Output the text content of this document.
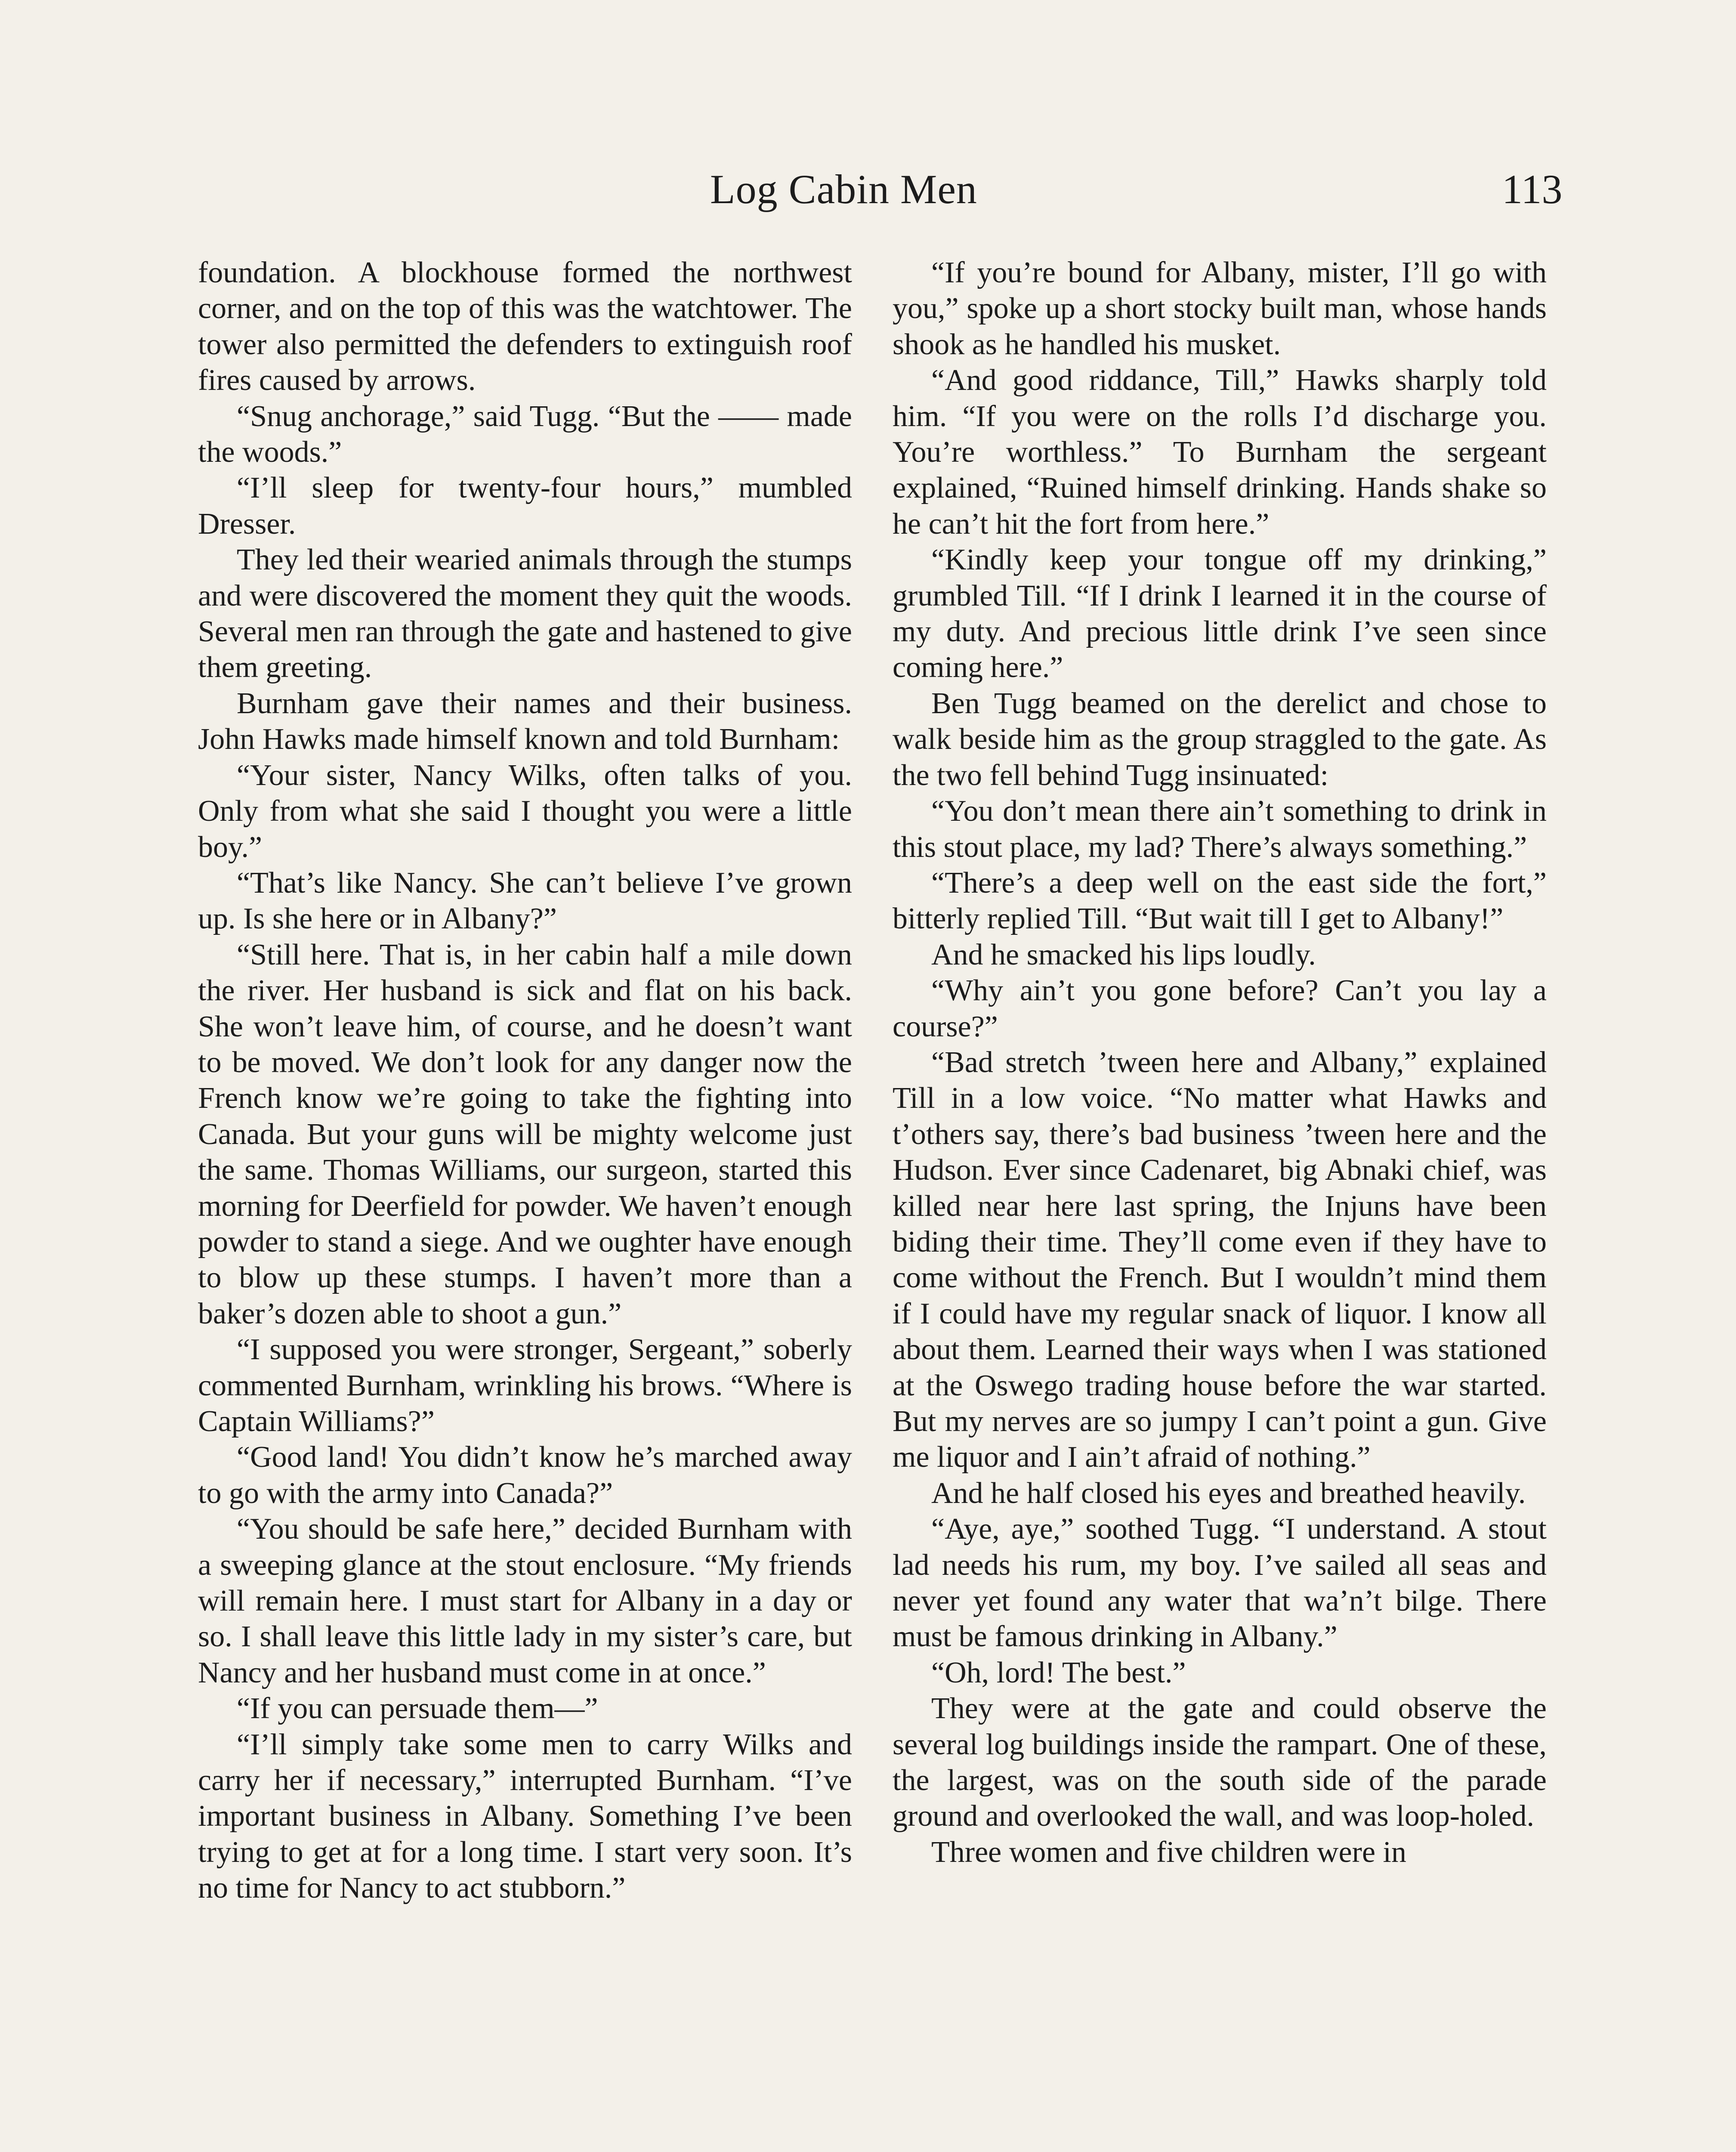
Log Cabin Men	113

foundation. A blockhouse formed the northwest corner, and on the top of this was the watchtower. The tower also permitted the defenders to extinguish roof fires caused by arrows.

“Snug anchorage,” said Tugg. “But the —— made the woods.”

“I’ll sleep for twenty-four hours,” mumbled Dresser.

They led their wearied animals through the stumps and were discovered the moment they quit the woods. Several men ran through the gate and hastened to give them greeting.

Burnham gave their names and their business. John Hawks made himself known and told Burnham:

“Your sister, Nancy Wilks, often talks of you. Only from what she said I thought you were a little boy.”

“That’s like Nancy. She can’t believe I’ve grown up. Is she here or in Albany?”

“Still here. That is, in her cabin half a mile down the river. Her husband is sick and flat on his back. She won’t leave him, of course, and he doesn’t want to be moved. We don’t look for any danger now the French know we’re going to take the fighting into Canada. But your guns will be mighty welcome just the same. Thomas Williams, our surgeon, started this morning for Deerfield for powder. We haven’t enough powder to stand a siege. And we oughter have enough to blow up these stumps. I haven’t more than a baker’s dozen able to shoot a gun.”

“I supposed you were stronger, Sergeant,” soberly commented Burnham, wrinkling his brows. “Where is Captain Williams?”

“Good land! You didn’t know he’s marched away to go with the army into Canada?”

“You should be safe here,” decided Burnham with a sweeping glance at the stout enclosure. “My friends will remain here. I must start for Albany in a day or so. I shall leave this little lady in my sister’s care, but Nancy and her husband must come in at once.”

“If you can persuade them—”

“I’ll simply take some men to carry Wilks and carry her if necessary,” interrupted Burnham. “I’ve important business in Albany. Something I’ve been trying to get at for a long time. I start very soon. It’s no time for Nancy to act stubborn.”

“If you’re bound for Albany, mister, I’ll go with you,” spoke up a short stocky built man, whose hands shook as he handled his musket.

“And good riddance, Till,” Hawks sharply told him. “If you were on the rolls I’d discharge you. You’re worthless.” To Burnham the sergeant explained, “Ruined himself drinking. Hands shake so he can’t hit the fort from here.”

“Kindly keep your tongue off my drinking,” grumbled Till. “If I drink I learned it in the course of my duty. And precious little drink I’ve seen since coming here.”

Ben Tugg beamed on the derelict and chose to walk beside him as the group straggled to the gate. As the two fell behind Tugg insinuated:

“You don’t mean there ain’t something to drink in this stout place, my lad? There’s always something.”

“There’s a deep well on the east side the fort,” bitterly replied Till. “But wait till I get to Albany!”

And he smacked his lips loudly.

“Why ain’t you gone before? Can’t you lay a course?”

“Bad stretch ’tween here and Albany,” explained Till in a low voice. “No matter what Hawks and t’others say, there’s bad business ’tween here and the Hudson. Ever since Cadenaret, big Abnaki chief, was killed near here last spring, the Injuns have been biding their time. They’ll come even if they have to come without the French. But I wouldn’t mind them if I could have my regular snack of liquor. I know all about them. Learned their ways when I was stationed at the Oswego trading house before the war started. But my nerves are so jumpy I can’t point a gun. Give me liquor and I ain’t afraid of nothing.”

And he half closed his eyes and breathed heavily.

“Aye, aye,” soothed Tugg. “I understand. A stout lad needs his rum, my boy. I’ve sailed all seas and never yet found any water that wa’n’t bilge. There must be famous drinking in Albany.”

“Oh, lord! The best.”

They were at the gate and could observe the several log buildings inside the rampart. One of these, the largest, was on the south side of the parade ground and overlooked the wall, and was loop-holed.

Three women and five children were in
